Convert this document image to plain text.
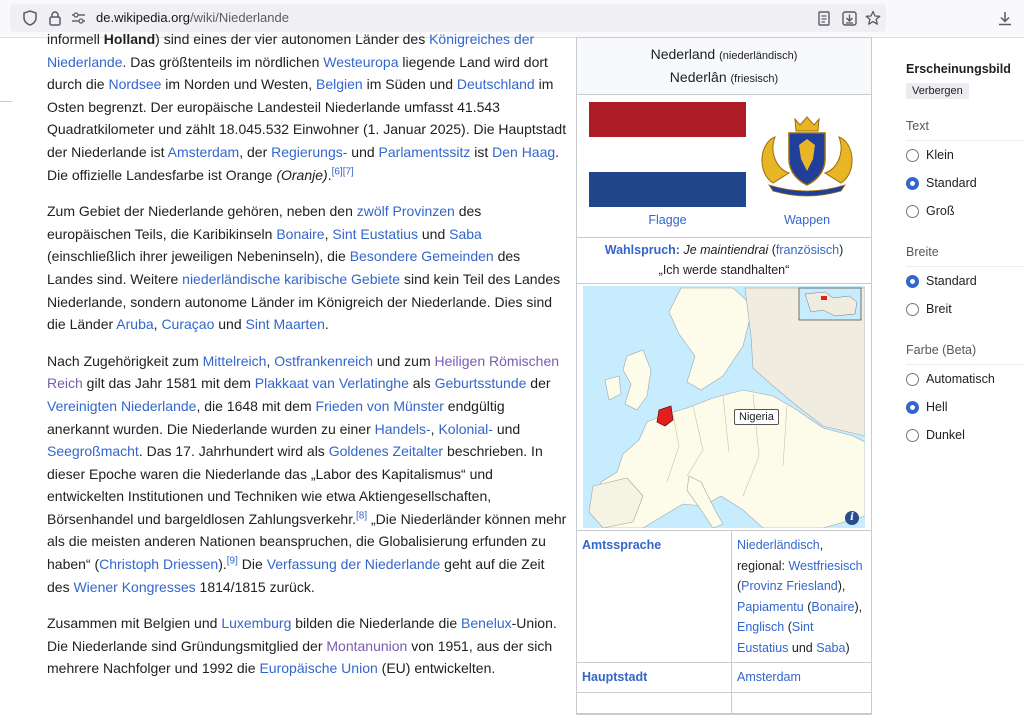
de.wikipedia.org/wiki/Niederlande

informell Holland) sind eines der vier autonomen Länder des Königreiches der Niederlande. Das größtenteils im nördlichen Westeuropa liegende Land wird dort durch die Nordsee im Norden und Westen, Belgien im Süden und Deutschland im Osten begrenzt. Der europäische Landesteil Niederlande umfasst 41.543 Quadratkilometer und zählt 18.045.532 Einwohner (1. Januar 2025). Die Hauptstadt der Niederlande ist Amsterdam, der Regierungs- und Parlamentssitz ist Den Haag. Die offizielle Landesfarbe ist Orange (Oranje).[6][7]

Zum Gebiet der Niederlande gehören, neben den zwölf Provinzen des europäischen Teils, die Karibikinseln Bonaire, Sint Eustatius und Saba (einschließlich ihrer jeweiligen Nebeninseln), die Besondere Gemeinden des Landes sind. Weitere niederländische karibische Gebiete sind kein Teil des Landes Niederlande, sondern autonome Länder im Königreich der Niederlande. Dies sind die Länder Aruba, Curaçao und Sint Maarten.

Nach Zugehörigkeit zum Mittelreich, Ostfrankenreich und zum Heiligen Römischen Reich gilt das Jahr 1581 mit dem Plakkaat van Verlatinghe als Geburtsstunde der Vereinigten Niederlande, die 1648 mit dem Frieden von Münster endgültig anerkannt wurden. Die Niederlande wurden zu einer Handels-, Kolonial- und Seegroßmacht. Das 17. Jahrhundert wird als Goldenes Zeitalter beschrieben. In dieser Epoche waren die Niederlande das „Labor des Kapitalismus“ und entwickelten Institutionen und Techniken wie etwa Aktiengesellschaften, Börsenhandel und bargeldlosen Zahlungsverkehr.[8] „Die Niederländer können mehr als die meisten anderen Nationen beanspruchen, die Globalisierung erfunden zu haben“ (Christoph Driessen).[9] Die Verfassung der Niederlande geht auf die Zeit des Wiener Kongresses 1814/1815 zurück.

Zusammen mit Belgien und Luxemburg bilden die Niederlande die Benelux-Union. Die Niederlande sind Gründungsmitglied der Montanunion von 1951, aus der sich mehrere Nachfolger und 1992 die Europäische Union (EU) entwickelten.

Nederland (niederländisch)
Nederlân (friesisch)
Flagge	Wappen
Wahlspruch: Je maintiendrai (französisch)
„Ich werde standhalten“
Nigeria
i
Amtssprache	Niederländisch, regional: Westfriesisch (Provinz Friesland), Papiamentu (Bonaire), Englisch (Sint Eustatius und Saba)
Hauptstadt	Amsterdam
Erscheinungsbild
Verbergen
Text
Klein
Standard
Groß
Breite
Standard
Breit
Farbe (Beta)
Automatisch
Hell
Dunkel
